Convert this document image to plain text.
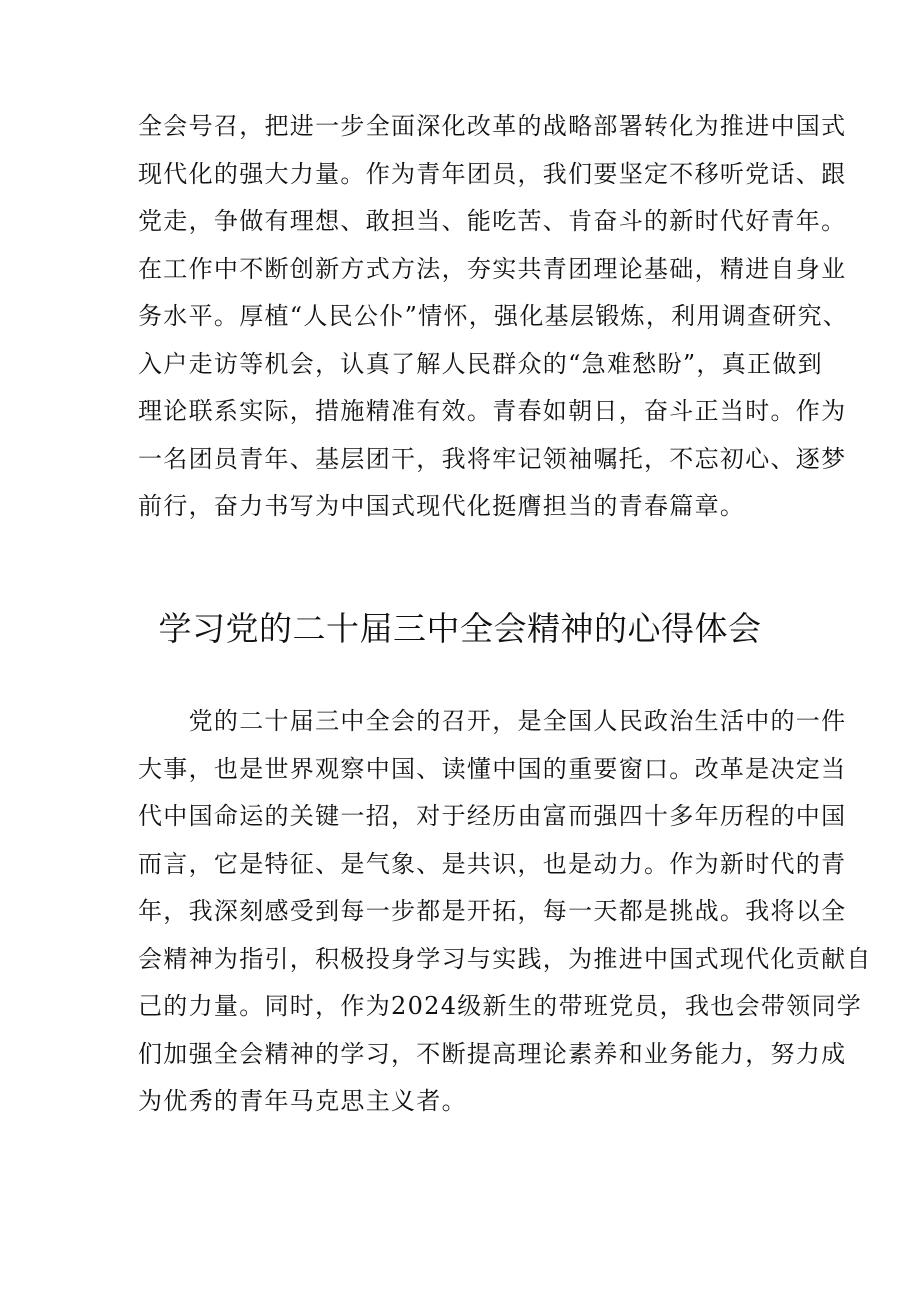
全会号召，把进一步全面深化改革的战略部署转化为推进中国式
现代化的强大力量。作为青年团员，我们要坚定不移听党话、跟
党走，争做有理想、敢担当、能吃苦、肯奋斗的新时代好青年。
在工作中不断创新方式方法，夯实共青团理论基础，精进自身业
务水平。厚植“人民公仆”情怀，强化基层锻炼，利用调查研究、
入户走访等机会，认真了解人民群众的“急难愁盼”，真正做到
理论联系实际，措施精准有效。青春如朝日，奋斗正当时。作为
一名团员青年、基层团干，我将牢记领袖嘱托，不忘初心、逐梦
前行，奋力书写为中国式现代化挺膺担当的青春篇章。
学习党的二十届三中全会精神的心得体会
　　党的二十届三中全会的召开，是全国人民政治生活中的一件
大事，也是世界观察中国、读懂中国的重要窗口。改革是决定当
代中国命运的关键一招，对于经历由富而强四十多年历程的中国
而言，它是特征、是气象、是共识，也是动力。作为新时代的青
年，我深刻感受到每一步都是开拓，每一天都是挑战。我将以全
会精神为指引，积极投身学习与实践，为推进中国式现代化贡献自
己的力量。同时，作为2024级新生的带班党员，我也会带领同学
们加强全会精神的学习，不断提高理论素养和业务能力，努力成
为优秀的青年马克思主义者。
